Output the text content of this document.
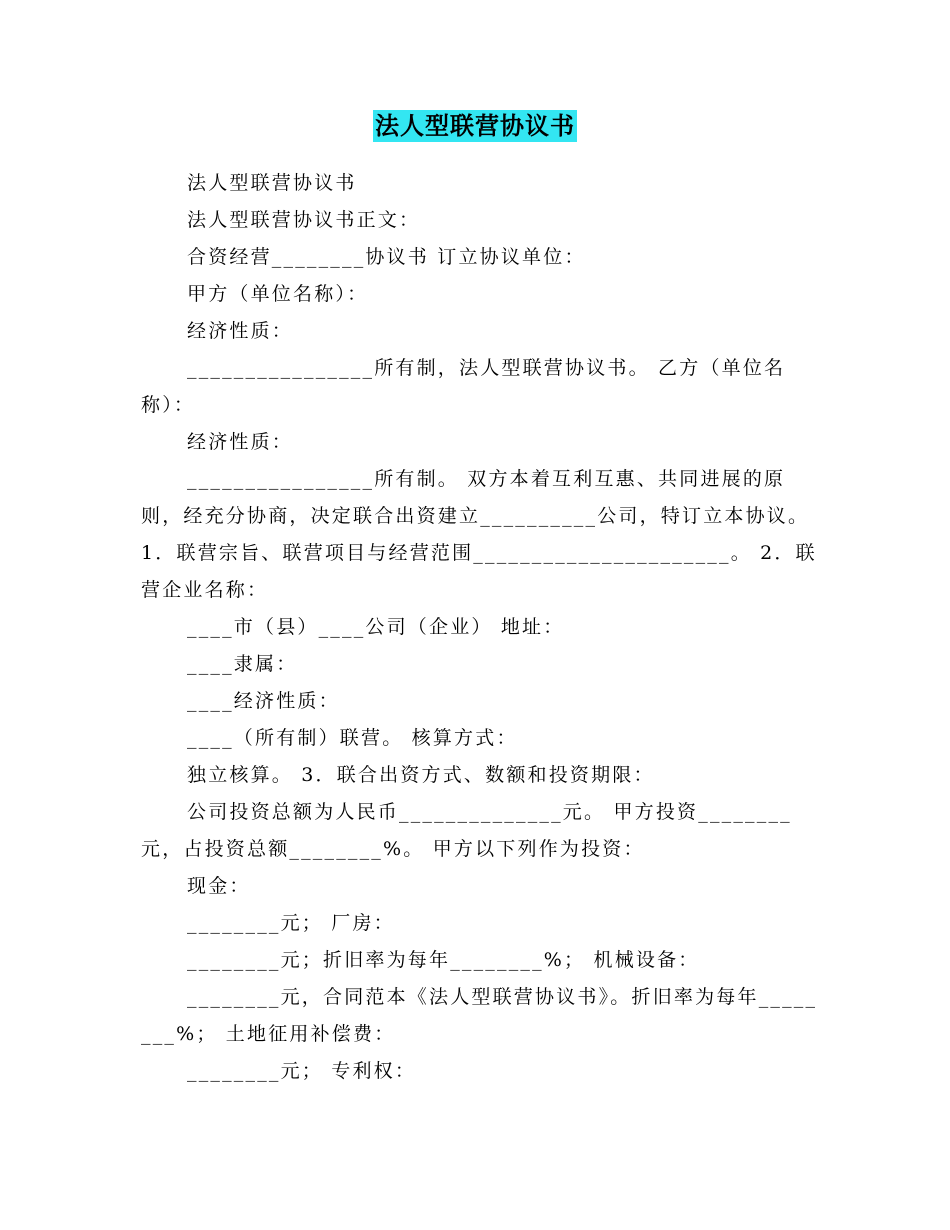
法人型联营协议书

法人型联营协议书

法人型联营协议书正文：

合资经营________协议书 订立协议单位：

甲方（单位名称）：

经济性质：

________________所有制，法人型联营协议书。 乙方（单位名称）：

经济性质：

________________所有制。 双方本着互利互惠、共同进展的原则，经充分协商，决定联合出资建立__________公司，特订立本协议。 1．联营宗旨、联营项目与经营范围______________________。 2．联营企业名称：

____市（县）____公司（企业） 地址：

____隶属：

____经济性质：

____（所有制）联营。 核算方式：

独立核算。 3．联合出资方式、数额和投资期限：

公司投资总额为人民币______________元。 甲方投资________元，占投资总额________%。 甲方以下列作为投资：

现金：

________元； 厂房：

________元；折旧率为每年________%； 机械设备：

________元，合同范本《法人型联营协议书》。折旧率为每年________%； 土地征用补偿费：

________元； 专利权：
